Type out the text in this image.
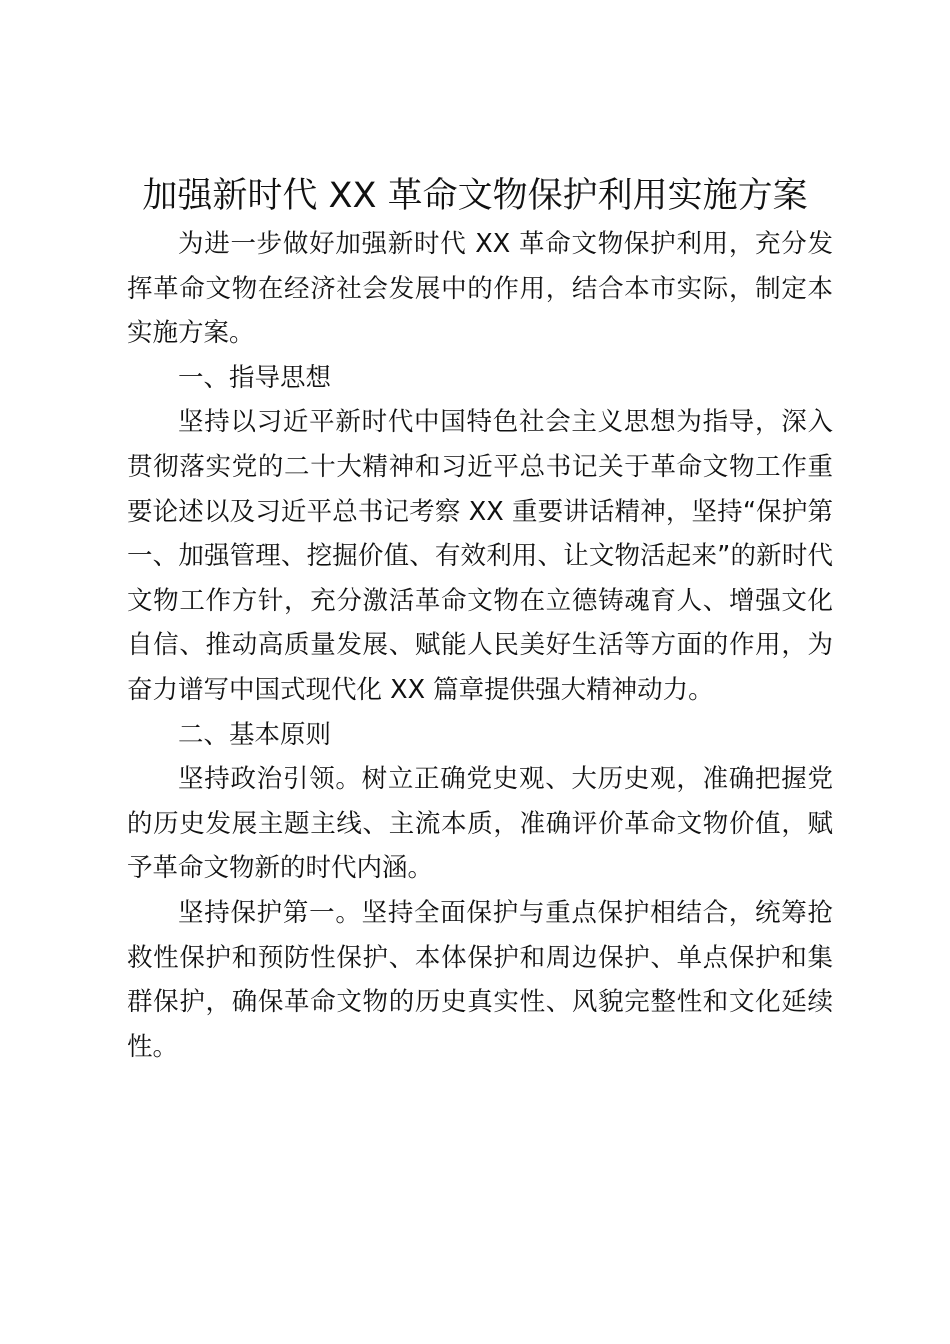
加强新时代 XX 革命文物保护利用实施方案

为进一步做好加强新时代 XX 革命文物保护利用，充分发挥革命文物在经济社会发展中的作用，结合本市实际，制定本实施方案。

一、指导思想

坚持以习近平新时代中国特色社会主义思想为指导，深入贯彻落实党的二十大精神和习近平总书记关于革命文物工作重要论述以及习近平总书记考察 XX 重要讲话精神，坚持“保护第一、加强管理、挖掘价值、有效利用、让文物活起来”的新时代文物工作方针，充分激活革命文物在立德铸魂育人、增强文化自信、推动高质量发展、赋能人民美好生活等方面的作用，为奋力谱写中国式现代化 XX 篇章提供强大精神动力。

二、基本原则

坚持政治引领。树立正确党史观、大历史观，准确把握党的历史发展主题主线、主流本质，准确评价革命文物价值，赋予革命文物新的时代内涵。

坚持保护第一。坚持全面保护与重点保护相结合，统筹抢救性保护和预防性保护、本体保护和周边保护、单点保护和集群保护，确保革命文物的历史真实性、风貌完整性和文化延续性。
